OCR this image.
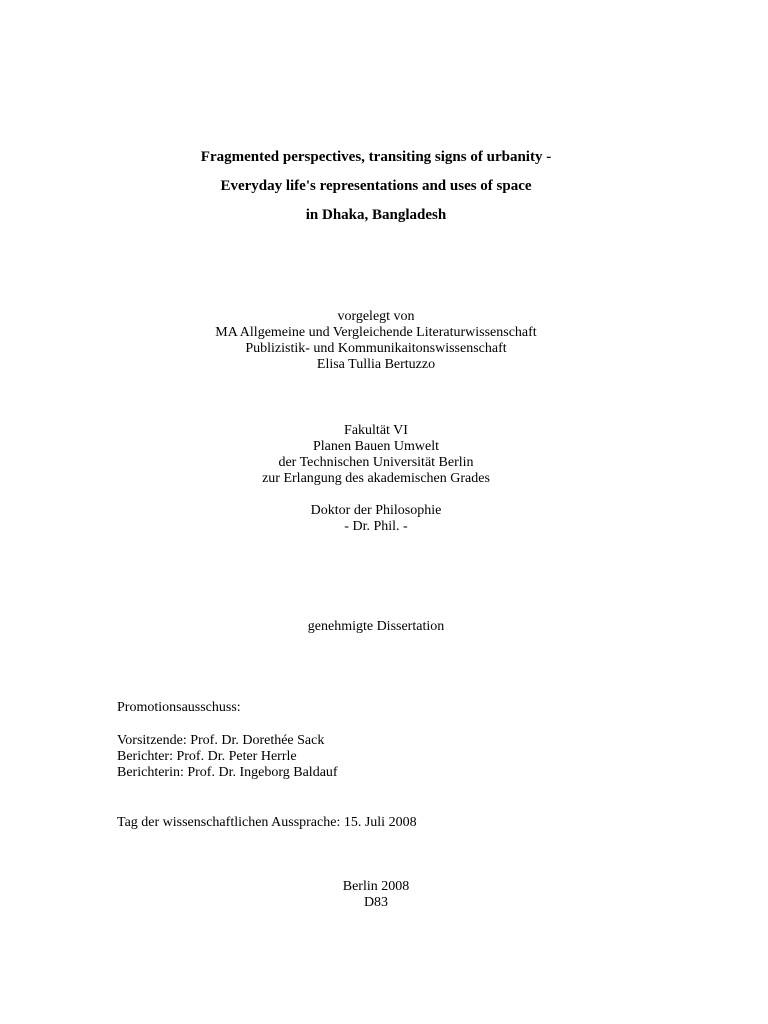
Fragmented perspectives, transiting signs of urbanity -
Everyday life's representations and uses of space
in Dhaka, Bangladesh
vorgelegt von
MA Allgemeine und Vergleichende Literaturwissenschaft
Publizistik- und Kommunikaitonswissenschaft
Elisa Tullia Bertuzzo
Fakultät VI
Planen Bauen Umwelt
der Technischen Universität Berlin
zur Erlangung des akademischen Grades
Doktor der Philosophie
- Dr. Phil. -
genehmigte Dissertation
Promotionsausschuss:
Vorsitzende: Prof. Dr. Dorethée Sack
Berichter: Prof. Dr. Peter Herrle
Berichterin: Prof. Dr. Ingeborg Baldauf
Tag der wissenschaftlichen Aussprache: 15. Juli 2008
Berlin 2008
D83
